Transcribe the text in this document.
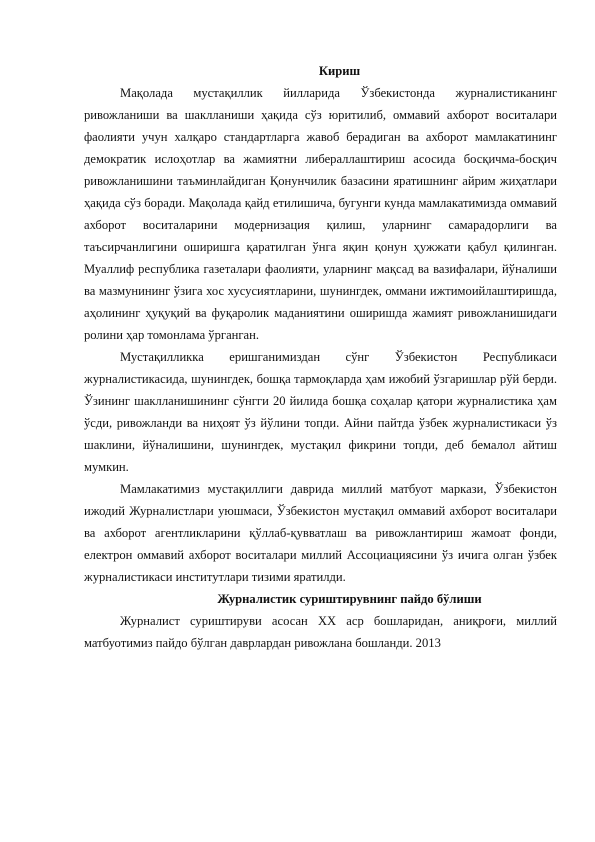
Кириш

Мақолада мустақиллик йилларида Ўзбекистонда журналистиканинг ривожланиши ва шаклланиши ҳақида сўз юритилиб, оммавий ахборот воситалари фаолияти учун халқаро стандартларга жавоб берадиган ва ахборот мамлакатининг демократик ислоҳотлар ва жамиятни либераллаштириш асосида босқичма-босқич ривожланишини таъминлайдиган Қонунчилик базасини яратишнинг айрим жиҳатлари ҳақида сўз боради. Мақолада қайд етилишича, бугунги кунда мамлакатимизда оммавий ахборот воситаларини модернизация қилиш, уларнинг самарадорлиги ва таъсирчанлигини оширишга қаратилган ўнга яқин қонун ҳужжати қабул қилинган. Муаллиф республика газеталари фаолияти, уларнинг мақсад ва вазифалари, йўналиши ва мазмунининг ўзига хос хусусиятларини, шунингдек, оммани ижтимоийлаштиришда, аҳолининг ҳуқуқий ва фуқаролик маданиятини оширишда жамият ривожланишидаги ролини ҳар томонлама ўрганган.

Мустақилликка еришганимиздан сўнг Ўзбекистон Республикаси журналистикасида, шунингдек, бошқа тармоқларда ҳам ижобий ўзгаришлар рўй берди. Ўзининг шаклланишининг сўнгги 20 йилида бошқа соҳалар қатори журналистика ҳам ўсди, ривожланди ва ниҳоят ўз йўлини топди. Айни пайтда ўзбек журналистикаси ўз шаклини, йўналишини, шунингдек, мустақил фикрини топди, деб бемалол айтиш мумкин.

Мамлакатимиз мустақиллиги даврида миллий матбуот маркази, Ўзбекистон ижодий Журналистлари уюшмаси, Ўзбекистон мустақил оммавий ахборот воситалари ва ахборот агентликларини қўллаб-қувватлаш ва ривожлантириш жамоат фонди, електрон оммавий ахборот воситалари миллий Ассоциациясини ўз ичига олган ўзбек журналистикаси институтлари тизими яратилди.

Журналистик суриштирувнинг пайдо бўлиши

Журналист суриштируви асосан XX аср бошларидан, аниқроғи, миллий матбуотимиз пайдо бўлган даврлардан ривожлана бошланди. 2013
